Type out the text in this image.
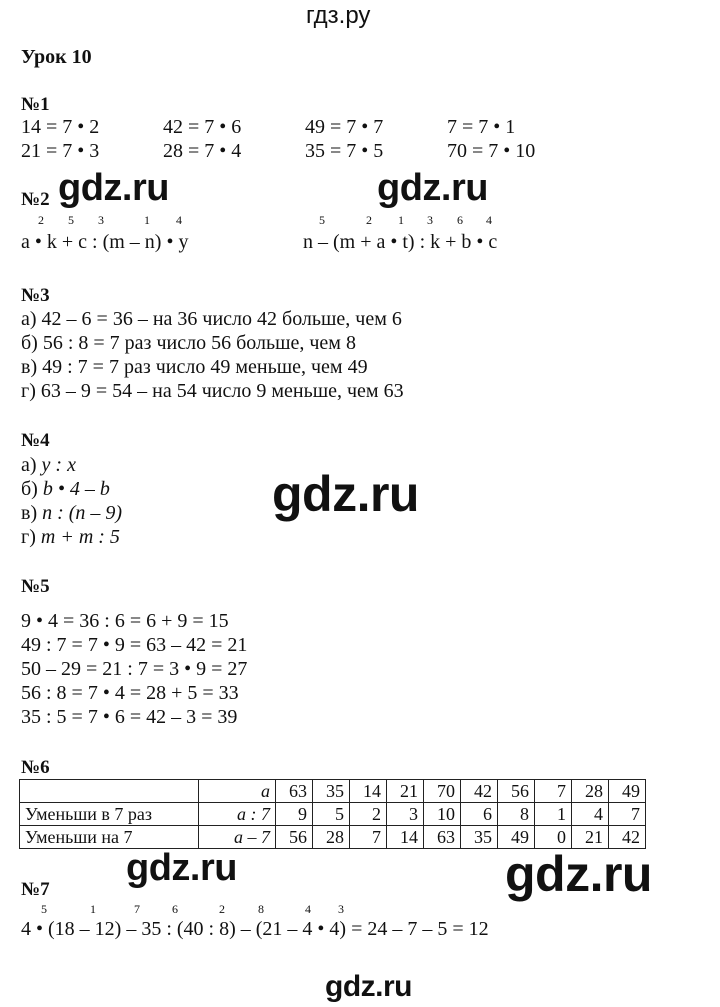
гдз.ру
Урок 10
№1
14 = 7 • 2	42 = 7 • 6	49 = 7 • 7	7 = 7 • 1
21 = 7 • 3	28 = 7 • 4	35 = 7 • 5	70 = 7 • 10
№2
2 5 3	1 4
a • k + c : (m – n) • y
5	2 1 3 6 4
n – (m + a • t) : k + b • c
№3
а) 42 – 6 = 36 – на 36 число 42 больше, чем 6
б) 56 : 8 = 7 раз число 56 больше, чем 8
в) 49 : 7 = 7 раз число 49 меньше, чем 49
г) 63 – 9 = 54 – на 54 число 9 меньше, чем 63
№4
а) y : x
б) b • 4 – b
в) n : (n – 9)
г) m + m : 5
№5
9 • 4 = 36 : 6 = 6 + 9 = 15
49 : 7 = 7 • 9 = 63 – 42 = 21
50 – 29 = 21 : 7 = 3 • 9 = 27
56 : 8 = 7 • 4 = 28 + 5 = 33
35 : 5 = 7 • 6 = 42 – 3 = 39
№6
	a	63	35	14	21	70	42	56	7	28	49
Уменьши в 7 раз	a : 7	9	5	2	3	10	6	8	1	4	7
Уменьши на 7	a – 7	56	28	7	14	63	35	49	0	21	42
№7
5	1	7	6	2	8	4 3
4 • (18 – 12) – 35 : (40 : 8) – (21 – 4 • 4) = 24 – 7 – 5 = 12
gdz.ru	gdz.ru
gdz.ru
gdz.ru	gdz.ru
gdz.ru
